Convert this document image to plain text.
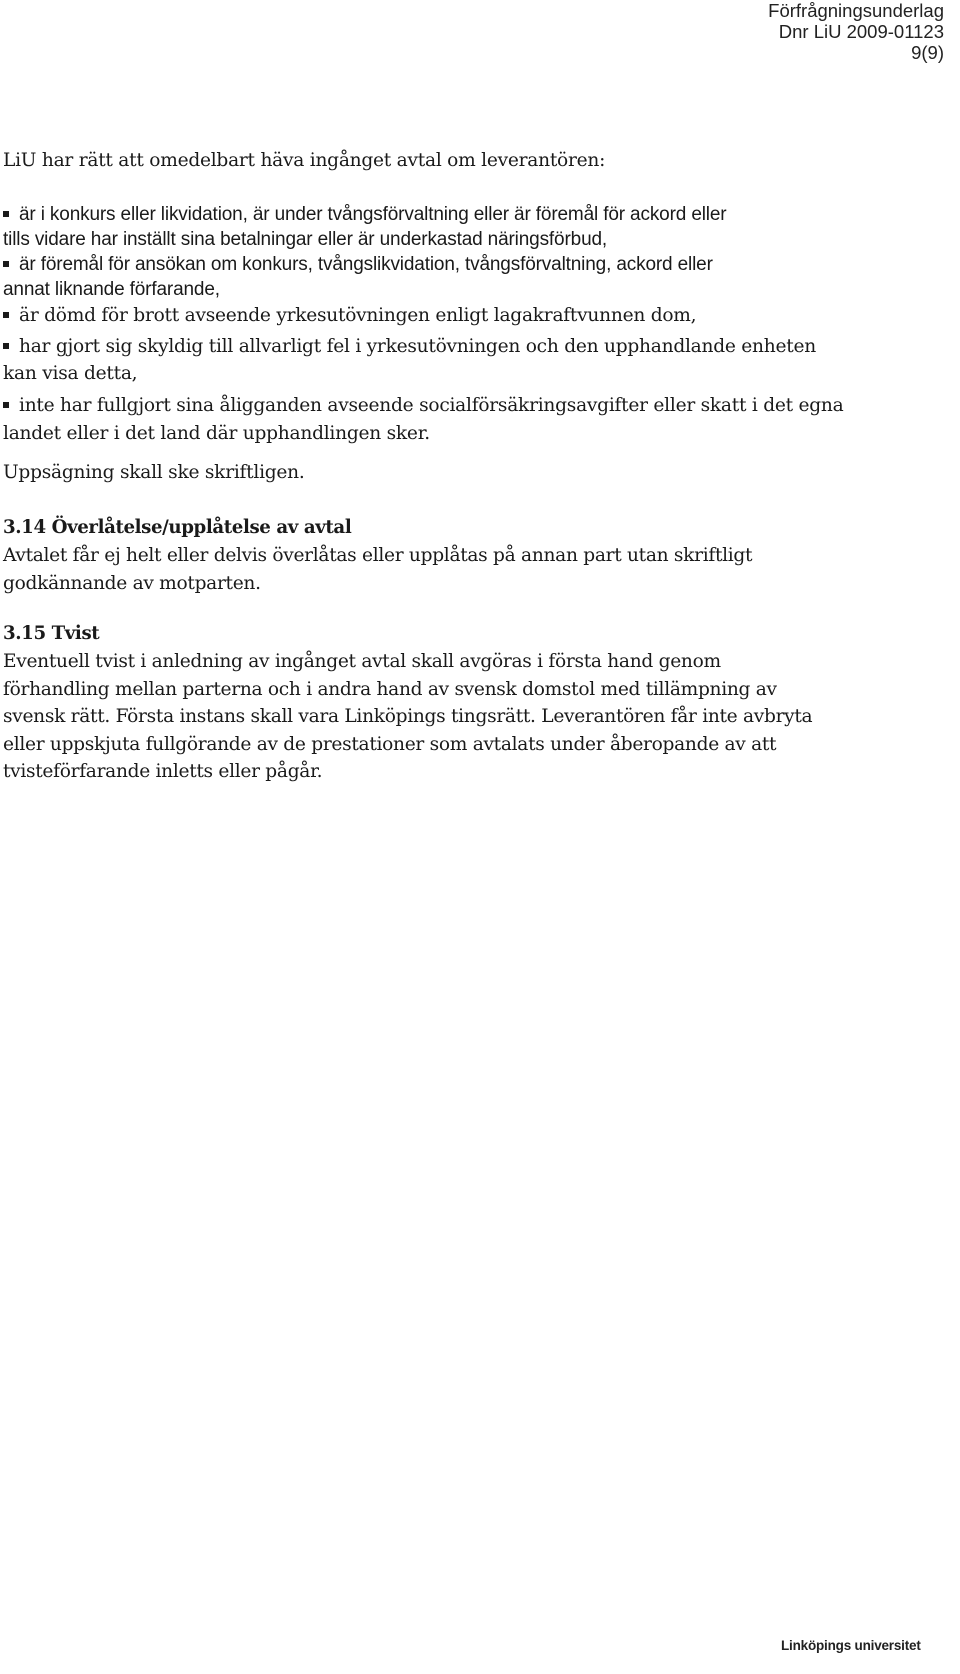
Förfrågningsunderlag
Dnr LiU 2009-01123
9(9)

LiU har rätt att omedelbart häva ingånget avtal om leverantören:

är i konkurs eller likvidation, är under tvångsförvaltning eller är föremål för ackord eller
tills vidare har inställt sina betalningar eller är underkastad näringsförbud,
är föremål för ansökan om konkurs, tvångslikvidation, tvångsförvaltning, ackord eller
annat liknande förfarande,
är dömd för brott avseende yrkesutövningen enligt lagakraftvunnen dom,
har gjort sig skyldig till allvarligt fel i yrkesutövningen och den upphandlande enheten
kan visa detta,
inte har fullgjort sina åligganden avseende socialförsäkringsavgifter eller skatt i det egna
landet eller i det land där upphandlingen sker.

Uppsägning skall ske skriftligen.

3.14 Överlåtelse/upplåtelse av avtal

Avtalet får ej helt eller delvis överlåtas eller upplåtas på annan part utan skriftligt
godkännande av motparten.

3.15 Tvist

Eventuell tvist i anledning av ingånget avtal skall avgöras i första hand genom
förhandling mellan parterna och i andra hand av svensk domstol med tillämpning av
svensk rätt. Första instans skall vara Linköpings tingsrätt. Leverantören får inte avbryta
eller uppskjuta fullgörande av de prestationer som avtalats under åberopande av att
tvisteförfarande inletts eller pågår.

Linköpings universitet
